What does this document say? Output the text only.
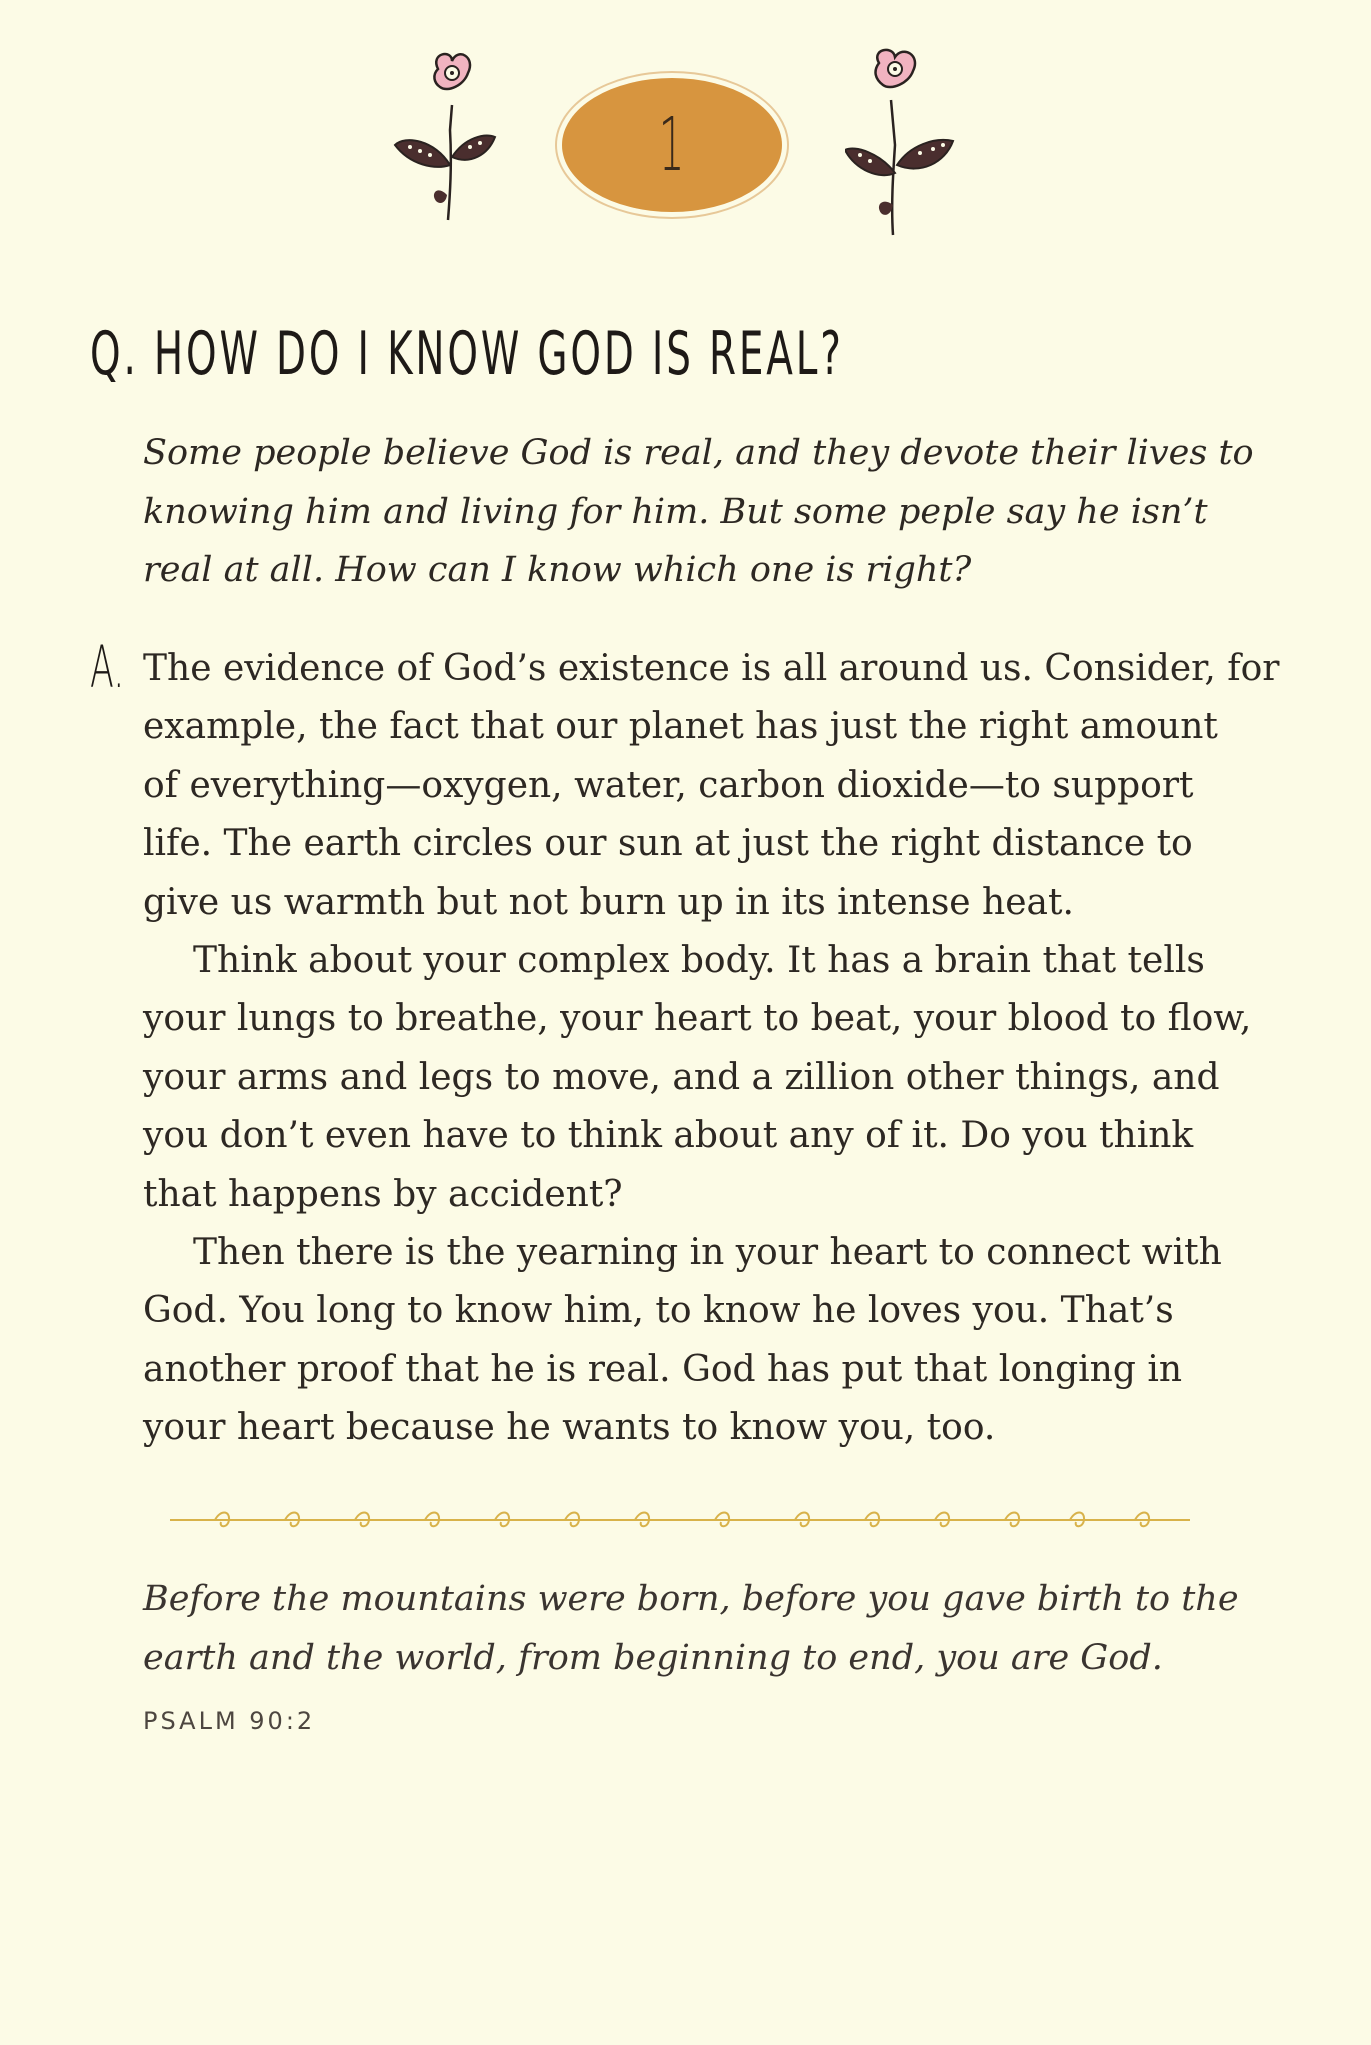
1
Q. HOW DO I KNOW GOD IS REAL?

Some people believe God is real, and they devote their lives to
knowing him and living for him. But some peple say he isn’t
real at all. How can I know which one is right?

A. The evidence of God’s existence is all around us. Consider, for
example, the fact that our planet has just the right amount
of everything—oxygen, water, carbon dioxide—to support
life. The earth circles our sun at just the right distance to
give us warmth but not burn up in its intense heat.
Think about your complex body. It has a brain that tells
your lungs to breathe, your heart to beat, your blood to flow,
your arms and legs to move, and a zillion other things, and
you don’t even have to think about any of it. Do you think
that happens by accident?
Then there is the yearning in your heart to connect with
God. You long to know him, to know he loves you. That’s
another proof that he is real. God has put that longing in
your heart because he wants to know you, too.

Before the mountains were born, before you gave birth to the
earth and the world, from beginning to end, you are God.

PSALM 90:2
